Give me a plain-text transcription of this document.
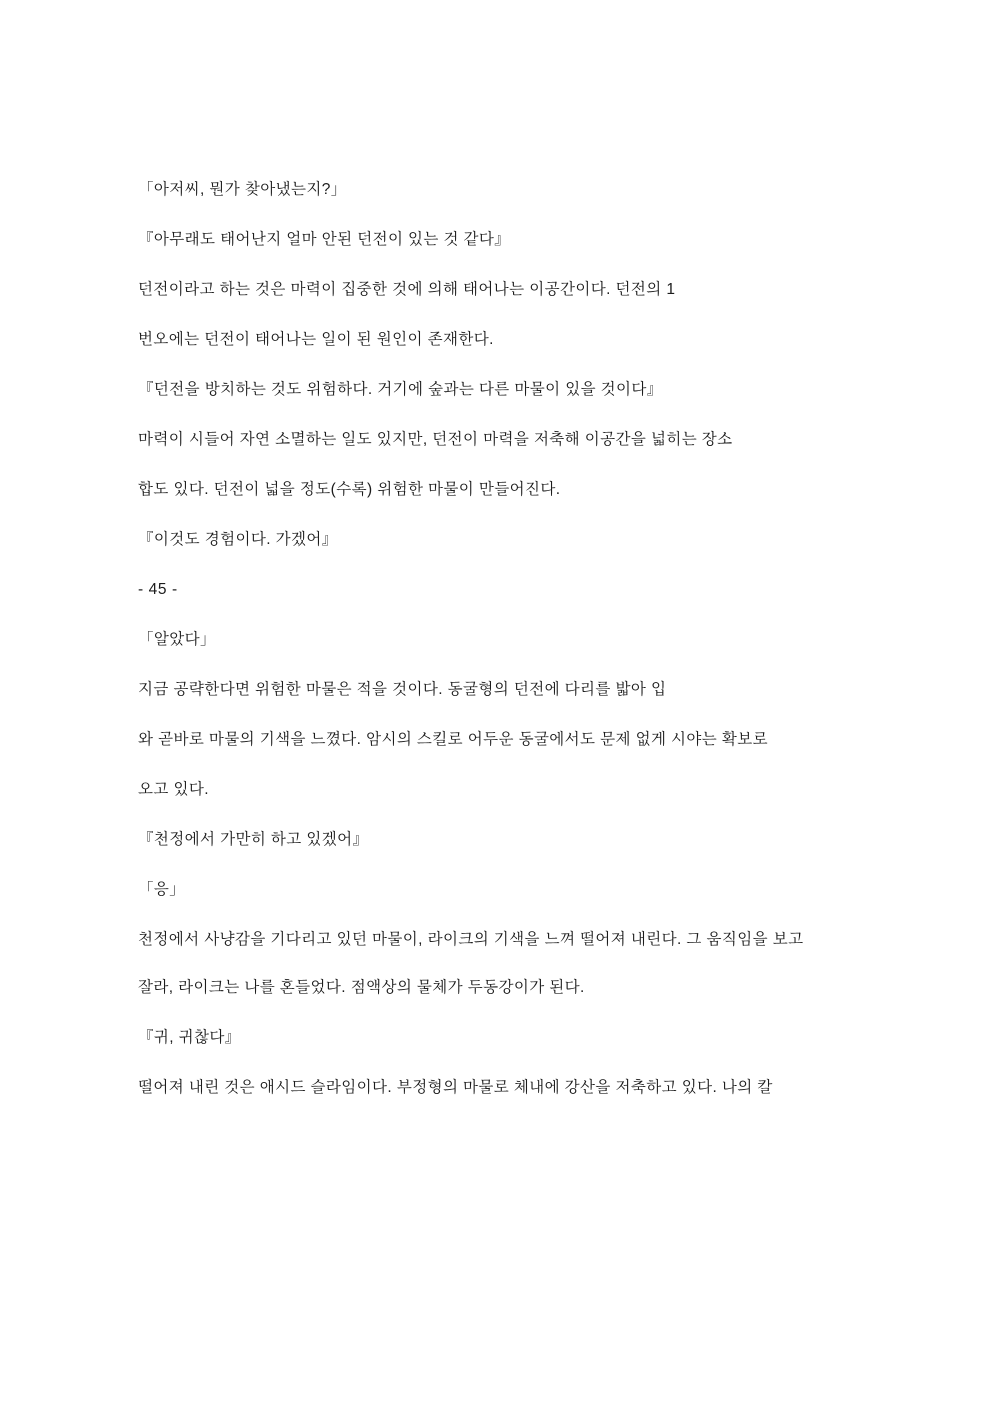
「아저씨, 뭔가 찾아냈는지?」

『아무래도 태어난지 얼마 안된 던전이 있는 것 같다』

던전이라고 하는 것은 마력이 집중한 것에 의해 태어나는 이공간이다. 던전의 1

번오에는 던전이 태어나는 일이 된 원인이 존재한다.

『던전을 방치하는 것도 위험하다. 거기에 숲과는 다른 마물이 있을 것이다』

마력이 시들어 자연 소멸하는 일도 있지만, 던전이 마력을 저축해 이공간을 넓히는 장소

합도 있다. 던전이 넓을 정도(수록) 위험한 마물이 만들어진다.

『이것도 경험이다. 가겠어』

- 45 -

「알았다」

지금 공략한다면 위험한 마물은 적을 것이다. 동굴형의 던전에 다리를 밟아 입

와 곧바로 마물의 기색을 느꼈다. 암시의 스킬로 어두운 동굴에서도 문제 없게 시야는 확보로

오고 있다.

『천정에서 가만히 하고 있겠어』

「응」

천정에서 사냥감을 기다리고 있던 마물이, 라이크의 기색을 느껴 떨어져 내린다. 그 움직임을 보고

잘라, 라이크는 나를 혼들었다. 점액상의 물체가 두동강이가 된다.

『귀, 귀찮다』

떨어져 내린 것은 애시드 슬라임이다. 부정형의 마물로 체내에 강산을 저축하고 있다. 나의 칼
